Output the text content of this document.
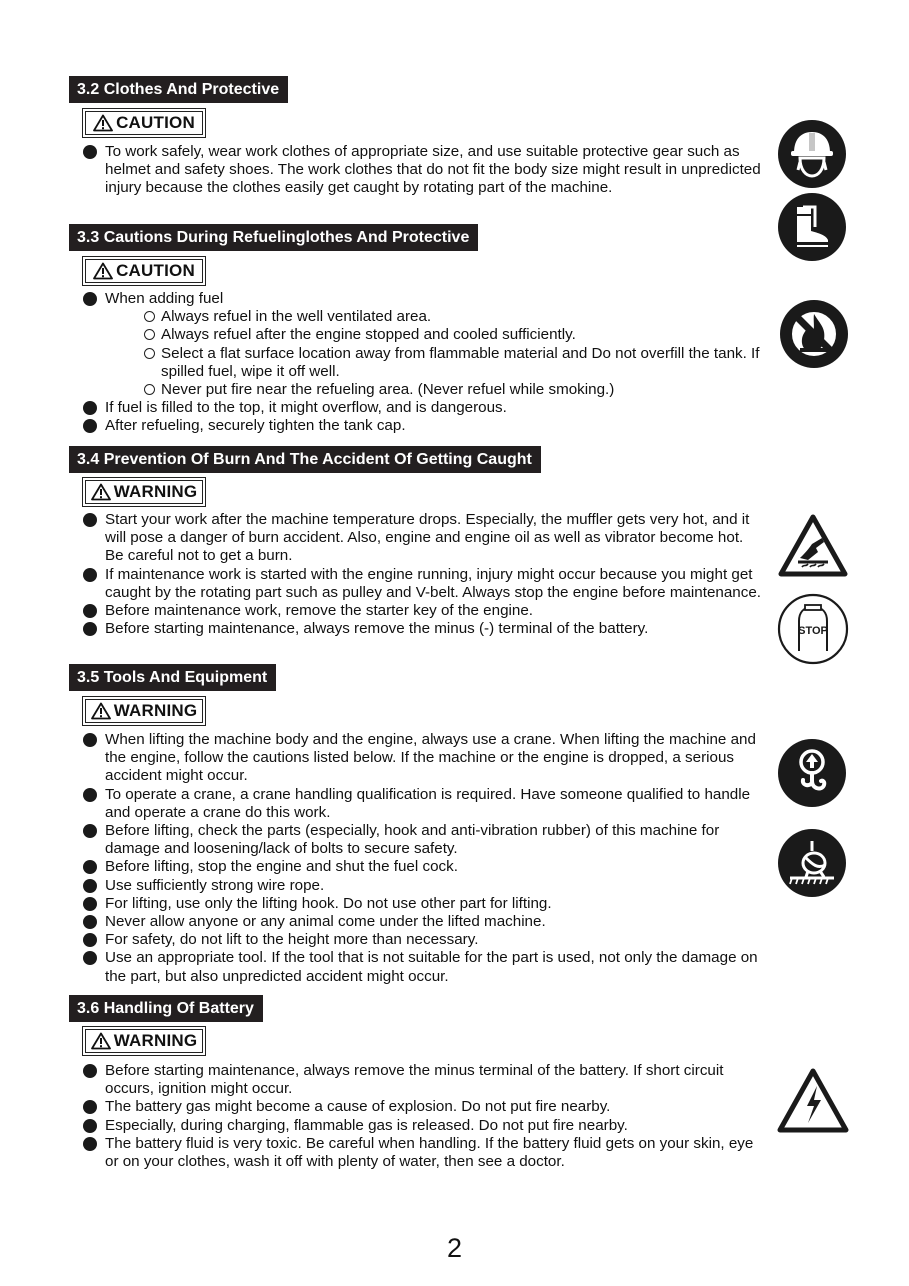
3.2 Clothes And Protective
CAUTION
To work safely, wear work clothes of appropriate size, and use suitable protective gear such as helmet and safety shoes. The work clothes that do not fit the body size might result in unpredicted injury because the clothes easily get caught by rotating part of the machine.
3.3 Cautions During Refuelinglothes And Protective
CAUTION
When adding fuel
Always refuel in the well ventilated area.
Always refuel after the engine stopped and cooled sufficiently.
Select a flat surface location away from flammable material and Do not overfill the tank. If spilled fuel, wipe it off well.
Never put fire near the refueling area. (Never refuel while smoking.)
If fuel is filled to the top, it might overflow, and is dangerous.
After refueling, securely tighten the tank cap.
3.4 Prevention Of Burn And The Accident Of Getting Caught
WARNING
Start your work after the machine temperature drops. Especially, the muffler gets very hot, and it will pose a danger of burn accident. Also, engine and engine oil as well as vibrator become hot. Be careful not to get a burn.
If maintenance work is started with the engine running, injury might occur because you might get caught by the rotating part such as pulley and V-belt. Always stop the engine before maintenance.
Before maintenance work, remove the starter key of the engine.
Before starting maintenance, always remove the minus (-) terminal of the battery.
3.5 Tools And Equipment
WARNING
When lifting the machine body and the engine, always use a crane. When lifting the machine and the engine, follow the cautions listed below. If the machine or the engine is dropped, a serious accident might occur.
To operate a crane, a crane handling qualification is required. Have someone qualified to handle and operate a crane do this work.
Before lifting, check the parts (especially, hook and anti-vibration rubber) of this machine for damage and loosening/lack of bolts to secure safety.
Before lifting, stop the engine and shut the fuel cock.
Use sufficiently strong wire rope.
For lifting, use only the lifting hook. Do not use other part for lifting.
Never allow anyone or any animal come under the lifted machine.
For safety, do not lift to the height more than necessary.
Use an appropriate tool. If the tool that is not suitable for the part is used, not only the damage on the part, but also unpredicted accident might occur.
3.6 Handling Of Battery
WARNING
Before starting maintenance, always remove the minus terminal of the battery. If short circuit occurs, ignition might occur.
The battery gas might become a cause of explosion. Do not put fire nearby.
Especially, during charging, flammable gas is released. Do not put fire nearby.
The battery fluid is very toxic. Be careful when handling. If the battery fluid gets on your skin, eye or on your clothes, wash it off with plenty of water, then see a doctor.
STOP
2
